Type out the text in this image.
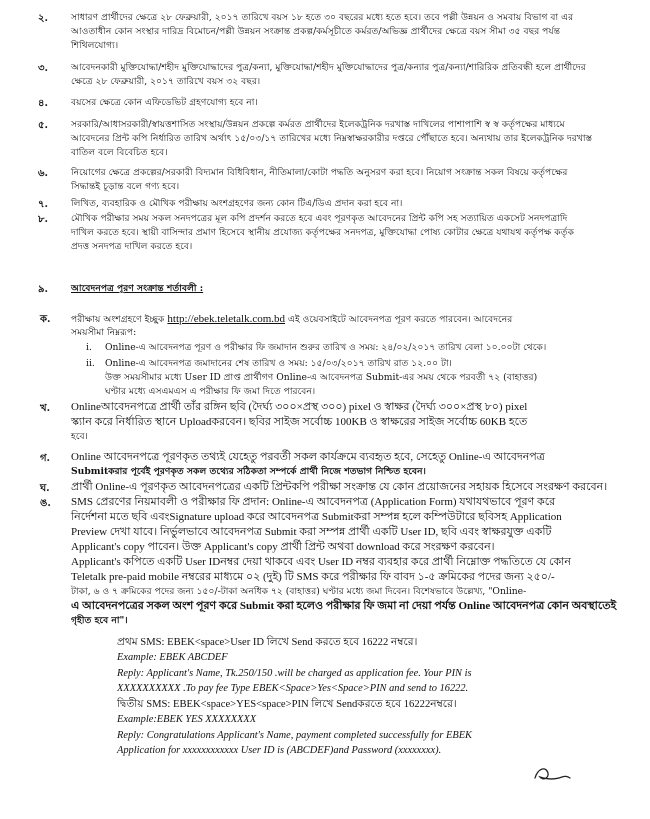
২.	সাধারণ প্রার্থীদের ক্ষেত্রে ২৮ ফেব্রুয়ারী, ২০১৭ তারিখে বয়স ১৮ হতে ৩০ বছরের মধ্যে হতে হবে। তবে পল্লী উন্নয়ন ও সমবায় বিভাগ বা এর

আওতাধীন কোন সংস্থার দারিদ্র বিমোচন/পল্লী উন্নয়ন সংক্রান্ত প্রকল্প/কর্মসূচীতে কর্মরত/অভিজ্ঞ প্রার্থীদের ক্ষেত্রে বয়স সীমা ৩৫ বছর পর্যন্ত

শিথিলযোগ্য।

৩.	আবেদনকারী মুক্তিযোদ্ধা/শহীদ মুক্তিযোদ্ধাদের পুত্র/কন্যা, মুক্তিযোদ্ধা/শহীদ মুক্তিযোদ্ধাদের পুত্র/কন্যার পুত্র/কন্যা/শারিরিক প্রতিবন্ধী হলে প্রার্থীদের

ক্ষেত্রে ২৮ ফেব্রুয়ারী, ২০১৭ তারিখে বয়স ৩২ বছর।

৪.	বয়সের ক্ষেত্রে কোন এফিডেভিট গ্রহণযোগ্য হবে না।

৫.	সরকারি/আধাসরকারী/স্বায়ত্তশাসিত সংস্থায়/উন্নয়ন প্রকল্পে কর্মরত প্রার্থীদের ইলেকট্রনিক দরখাস্ত দাখিলের পাশাপাশি স্ব স্ব কর্তৃপক্ষের মাধ্যমে

আবেদনের প্রিন্ট কপি নির্ধারিত তারিখ অর্থাৎ ১৫/০৩/১৭ তারিখের মধ্যে নিম্নস্বাক্ষরকারীর দপ্তরে পৌঁছাতে হবে। অন্যথায় তার ইলেকট্রনিক দরখাস্ত

বাতিল বলে বিবেচিত হবে।

৬.	নিয়োগের ক্ষেত্রে প্রকল্পের/সরকারী বিদ্যমান বিধিবিধান, নীতিমালা/কোটা পদ্ধতি অনুসরণ করা হবে। নিয়োগ সংক্রান্ত সকল বিষয়ে কর্তৃপক্ষের

সিদ্ধান্তই চূড়ান্ত বলে গণ্য হবে।

৭.	লিখিত, ব্যবহারিক ও মৌখিক পরীক্ষায় অংশগ্রহণের জন্য কোন টিএ/ডিএ প্রদান করা হবে না।

৮.	মৌখিক পরীক্ষার সময় সকল সনদপত্রের মূল কপি প্রদর্শন করতে হবে এবং পূরণকৃত আবেদনের প্রিন্ট কপি সহ সত্যায়িত একসেট সনদপত্রাদি

দাখিল করতে হবে। স্থায়ী বাসিন্দার প্রমাণ হিসেবে স্থানীয় প্রযোজ্য কর্তৃপক্ষের সনদপত্র, মুক্তিযোদ্ধা পোষ্য কোটার ক্ষেত্রে যথাযথ কর্তৃপক্ষ কর্তৃক

প্রদত্ত সনদপত্র দাখিল করতে হবে।

৯.	আবেদনপত্র পূরণ সংক্রান্ত শর্তাবলী :

ক. পরীক্ষায় অংশগ্রহণে ইচ্ছুক http://ebek.teletalk.com.bd এই ওয়েবসাইটে আবেদনপত্র পূরণ করতে পারবেন। আবেদনের

সময়সীমা নিম্নরূপ:

i. Online-এ আবেদনপত্র পূরণ ও পরীক্ষার ফি জমাদান শুরুর তারিখ ও সময়: ২৪/০২/২০১৭ তারিখ বেলা ১০.০০টা থেকে।

ii. Online-এ আবেদনপত্র জমাদানের শেষ তারিখ ও সময়: ১৫/০৩/২০১৭ তারিখ রাত ১২.০০ টা।

উক্ত সময়সীমার মধ্যে User ID প্রাপ্ত প্রার্থীগণ Online-এ আবেদনপত্র Submit-এর সময় থেকে পরবর্তী ৭২ (বাহাত্তর)

ঘণ্টার মধ্যে এসএমএস এ পরীক্ষার ফি জমা দিতে পারবেন।

খ. Onlineআবেদনপত্রে প্রার্থী তাঁর রঙ্গিন ছবি (দৈর্ঘ্য ৩০০×প্রস্থ ৩০০) pixel ও স্বাক্ষর (দৈর্ঘ্য ৩০০×প্রস্থ ৮০) pixel

স্ক্যান করে নির্ধারিত স্থানে Uploadকরবেন। ছবির সাইজ সর্বোচ্চ 100KB ও স্বাক্ষরের সাইজ সর্বোচ্চ 60KB হতে

হবে।

গ. Online আবেদনপত্রে পূরণকৃত তথ্যই যেহেতু পরবর্তী সকল কার্যক্রমে ব্যবহৃত হবে, সেহেতু Online-এ আবেদনপত্র

Submitকরার পূর্বেই পূরণকৃত সকল তথ্যের সঠিকতা সম্পর্কে প্রার্থী নিজে শতভাগ নিশ্চিত হবেন।

ঘ. প্রার্থী Online-এ পূরণকৃত আবেদনপত্রের একটি প্রিন্টকপি পরীক্ষা সংক্রান্ত যে কোন প্রয়োজনের সহায়ক হিসেবে সংরক্ষণ করবেন।

ঙ. SMS প্রেরণের নিয়মাবলী ও পরীক্ষার ফি প্রদান: Online-এ আবেদনপত্র (Application Form) যথাযথভাবে পূরণ করে

নির্দেশনা মতে ছবি এবংSignature upload করে আবেদনপত্র Submitকরা সম্পন্ন হলে কম্পিউটারে ছবিসহ Application

Preview দেখা যাবে। নির্ভুলভাবে আবেদনপত্র Submit করা সম্পন্ন প্রার্থী একটি User ID, ছবি এবং স্বাক্ষরযুক্ত একটি

Applicant's copy পাবেন। উক্ত Applicant's copy প্রার্থী প্রিন্ট অথবা download করে সংরক্ষণ করবেন।

Applicant's কপিতে একটি User IDনম্বর দেয়া থাকবে এবং User ID নম্বর ব্যবহার করে প্রার্থী নিম্নোক্ত পদ্ধতিতে যে কোন

Teletalk pre-paid mobile নম্বরের মাধ্যমে ০২ (দুই) টি SMS করে পরীক্ষার ফি বাবদ ১-৫ ক্রমিকের পদের জন্য ২৫০/-

টাকা, ৬ ও ৭ ক্রমিকের পদের জন্য ১৫০/-টাকা অনধিক ৭২ (বাহাত্তর) ঘণ্টার মধ্যে জমা দিবেন। বিশেষভাবে উল্লেখ্য, "Online-

এ আবেদনপত্রের সকল অংশ পূরণ করে Submit করা হলেও পরীক্ষার ফি জমা না দেয়া পর্যন্ত Online আবেদনপত্র কোন অবস্থাতেই

গৃহীত হবে না"।

প্রথম SMS: EBEK<space>User ID লিখে Send করতে হবে 16222 নম্বরে।

Example: EBEK ABCDEF

Reply: Applicant's Name, Tk.250/150 .will be charged as application fee. Your PIN is

XXXXXXXXXX .To pay fee Type EBEK<Space>Yes<Space>PIN and send to 16222.

দ্বিতীয় SMS: EBEK<space>YES<space>PIN লিখে Sendকরতে হবে 16222নম্বরে।

Example:EBEK YES XXXXXXXX

Reply: Congratulations Applicant's Name, payment completed successfully for EBEK

Application for xxxxxxxxxxxx User ID is (ABCDEF)and Password (xxxxxxxx).
